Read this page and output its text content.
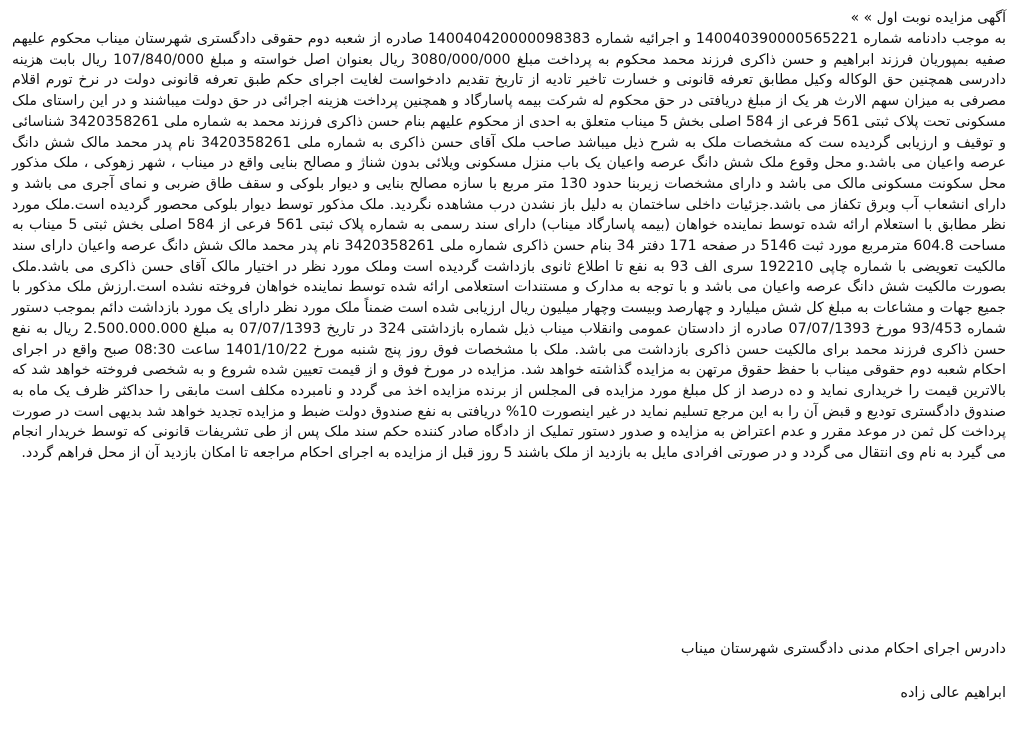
آگهی مزایده نوبت اول » »

به موجب دادنامه شماره 140040390000565221 و اجرائیه شماره 140040420000098383 صادره از شعبه دوم حقوقی دادگستری شهرستان میناب محکوم علیهم صفیه بمپوریان فرزند ابراهیم و حسن ذاکری فرزند محمد محکوم به پرداخت مبلغ 3080/000/000 ریال بعنوان اصل خواسته و مبلغ 107/840/000 ریال بابت هزینه دادرسی همچنین حق الوکاله وکیل مطابق تعرفه قانونی و خسارت تاخیر تادیه از تاریخ تقدیم دادخواست لغایت اجرای حکم طبق تعرفه قانونی دولت در نرخ تورم اقلام مصرفی به میزان سهم الارث هر یک از مبلغ دریافتی در حق محکوم له شرکت بیمه پاسارگاد و همچنین پرداخت هزینه اجرائی در حق دولت میباشند و در این راستای ملک مسکونی تحت پلاک ثبتی 561 فرعی از 584 اصلی بخش 5 میناب متعلق به احدی از محکوم علیهم بنام حسن ذاکری فرزند محمد به شماره ملی 3420358261 شناسائی و توقیف و ارزیابی گردیده ست که مشخصات ملک به شرح ذیل میباشد صاحب ملک آقای حسن ذاکری به شماره ملی 3420358261 نام پدر محمد مالک شش دانگ عرصه واعیان می باشد.و محل وقوع ملک شش دانگ عرصه واعیان یک باب منزل مسکونی ویلائی بدون شناژ و مصالح بنایی واقع در میناب ، شهر زهوکی ، ملک مذکور محل سکونت مسکونی مالک می باشد و دارای مشخصات زیربنا حدود 130 متر مربع با سازه مصالح بنایی و دیوار بلوکی و سقف طاق ضربی و نمای آجری می باشد و دارای انشعاب آب وبرق تکفاز می باشد.جزئیات داخلی ساختمان به دلیل باز نشدن درب مشاهده نگردید. ملک مذکور توسط دیوار بلوکی محصور گردیده است.ملک مورد نظر مطابق با استعلام ارائه شده توسط نماینده خواهان (بیمه پاسارگاد میناب) دارای سند رسمی به شماره پلاک ثبتی 561 فرعی از 584 اصلی بخش ثبتی 5 میناب به مساحت 604.8 مترمربع مورد ثبت 5146 در صفحه 171 دفتر 34 بنام حسن ذاکری شماره ملی 3420358261 نام پدر محمد مالک شش دانگ عرصه واعیان دارای سند مالکیت تعویضی با شماره چاپی 192210 سری الف 93 به نفع تا اطلاع ثانوی بازداشت گردیده است وملک مورد نظر در اختیار مالک آقای حسن ذاکری می باشد.ملک بصورت مالکیت شش دانگ عرصه واعیان می باشد و با توجه به مدارک و مستندات استعلامی ارائه شده توسط نماینده خواهان فروخته نشده است.ارزش ملک مذکور با جمیع جهات و مشاعات به مبلغ کل شش میلیارد و چهارصد وبیست وچهار میلیون ریال ارزیابی شده است ضمناً ملک مورد نظر دارای یک مورد بازداشت دائم بموجب دستور شماره 93/453 مورخ 07/07/1393 صادره از دادستان عمومی وانقلاب میناب ذیل شماره بازداشتی 324 در تاریخ 07/07/1393 به مبلغ 2.500.000.000 ریال به نفع حسن ذاکری فرزند محمد برای مالکیت حسن ذاکری بازداشت می باشد. ملک با مشخصات فوق روز پنج شنبه مورخ 1401/10/22 ساعت 08:30 صبح واقع در اجرای احکام شعبه دوم حقوقی میناب با حفظ حقوق مرتهن به مزایده گذاشته خواهد شد. مزایده در مورخ فوق و از قیمت تعیین شده شروع و به شخصی فروخته خواهد شد که بالاترین قیمت را خریداری نماید و ده درصد از کل مبلغ مورد مزایده فی المجلس از برنده مزایده اخذ می گردد و نامبرده مکلف است مابقی را حداکثر ظرف یک ماه به صندوق دادگستری تودیع و قبض آن را به این مرجع تسلیم نماید در غیر اینصورت 10% دریافتی به نفع صندوق دولت ضبط و مزایده تجدید خواهد شد بدیهی است در صورت پرداخت کل ثمن در موعد مقرر و عدم اعتراض به مزایده و صدور دستور تملیک از دادگاه صادر کننده حکم سند ملک پس از طی تشریفات قانونی که توسط خریدار انجام می گیرد به نام وی انتقال می گردد و در صورتی افرادی مایل به بازدید از ملک باشند 5 روز قبل از مزایده به اجرای احکام مراجعه تا امکان بازدید آن از محل فراهم گردد.

دادرس اجرای احکام مدنی دادگستری شهرستان میناب

ابراهیم عالی زاده
